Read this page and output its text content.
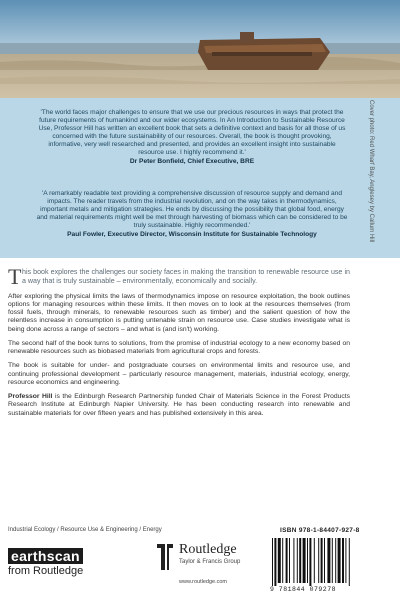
'The world faces major challenges to ensure that we use our precious resources in ways that protect the future requirements of humankind and our wider ecosystems. In An Introduction to Sustainable Resource Use, Professor Hill has written an excellent book that sets a definitive context and basis for all those of us concerned with the future sustainability of our resources. Overall, the book is thought provoking, informative, very well researched and presented, and provides an excellent insight into sustainable resource use. I highly recommend it.'
Dr Peter Bonfield, Chief Executive, BRE
'A remarkably readable text providing a comprehensive discussion of resource supply and demand and impacts. The reader travels from the industrial revolution, and on the way takes in thermodynamics, important metals and mitigation strategies. He ends by discussing the possibility that global food, energy and material requirements might well be met through harvesting of biomass which can be considered to be truly sustainable. Highly recommended.'
Paul Fowler, Executive Director, Wisconsin Institute for Sustainable Technology	Cover photo: Red Wharf Bay, Anglesey by Callum Hill

T his book explores the challenges our society faces in making the transition to renewable resource use in a way that is truly sustainable – environmentally, economically and socially.

After exploring the physical limits the laws of thermodynamics impose on resource exploitation, the book outlines options for managing resources within these limits. It then moves on to look at the resources themselves (from fossil fuels, through minerals, to renewable resources such as timber) and the salient question of how the relentless increase in consumption is putting untenable strain on resource use. Case studies investigate what is being done across a range of sectors – and what is (and isn't) working.

The second half of the book turns to solutions, from the promise of industrial ecology to a new economy based on renewable resources such as biobased materials from agricultural crops and forests.

The book is suitable for under- and postgraduate courses on environmental limits and resource use, and continuing professional development – particularly resource management, materials, industrial ecology, energy, resource economics and engineering.

Professor Hill is the Edinburgh Research Partnership funded Chair of Materials Science in the Forest Products Research Institute at Edinburgh Napier University. He has been conducting research into renewable and sustainable materials for over fifteen years and has published extensively in this area.

Industrial Ecology / Resource Use & Engineering / Energy	ISBN 978-1-84407-927-8
earthscan
from Routledge
Routledge
Taylor & Francis Group
www.routledge.com
9 781844 079278
